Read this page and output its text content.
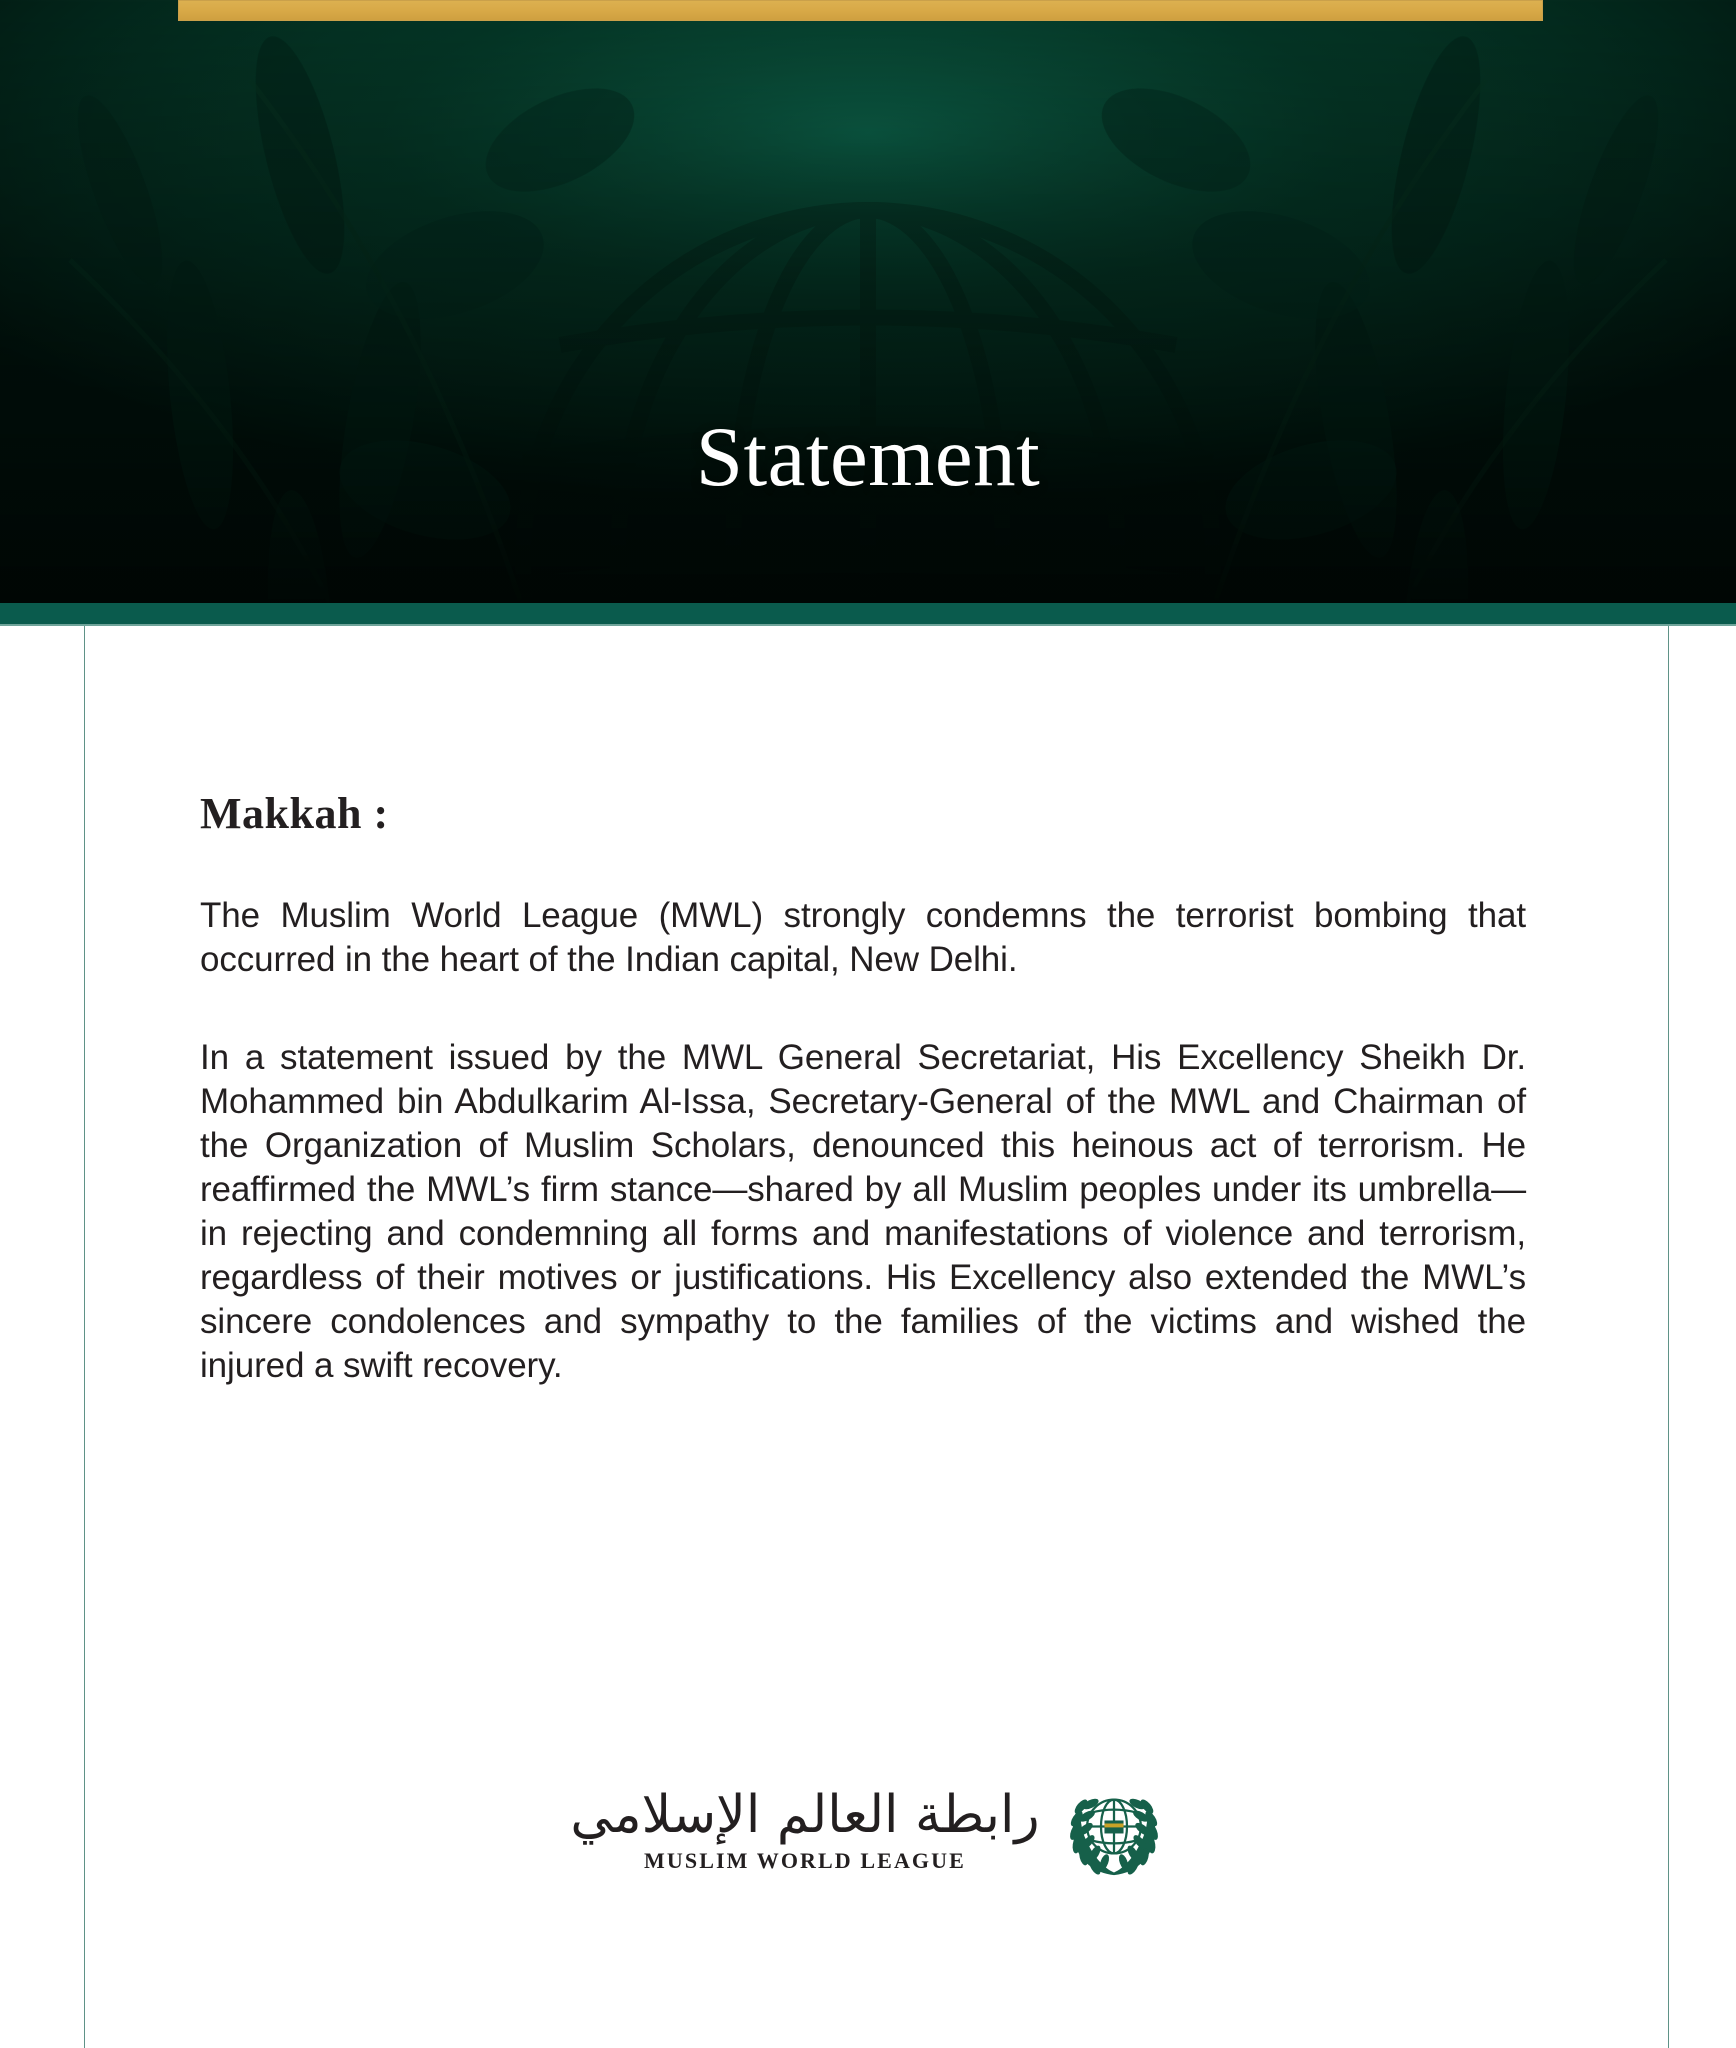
Statement
Makkah :

The Muslim World League (MWL) strongly condemns the terrorist bombing that occurred in the heart of the Indian capital, New Delhi.

In a statement issued by the MWL General Secretariat, His Excellency Sheikh Dr. Mohammed bin Abdulkarim Al-Issa, Secretary-General of the MWL and Chairman of the Organization of Muslim Scholars, denounced this heinous act of terrorism. He reaffirmed the MWL’s firm stance—shared by all Muslim peoples under its umbrella—in rejecting and condemning all forms and manifestations of violence and terrorism, regardless of their motives or justifications. His Excellency also extended the MWL’s sincere condolences and sympathy to the families of the victims and wished the injured a swift recovery.

رابطة العالم الإسلامي
MUSLIM WORLD LEAGUE
